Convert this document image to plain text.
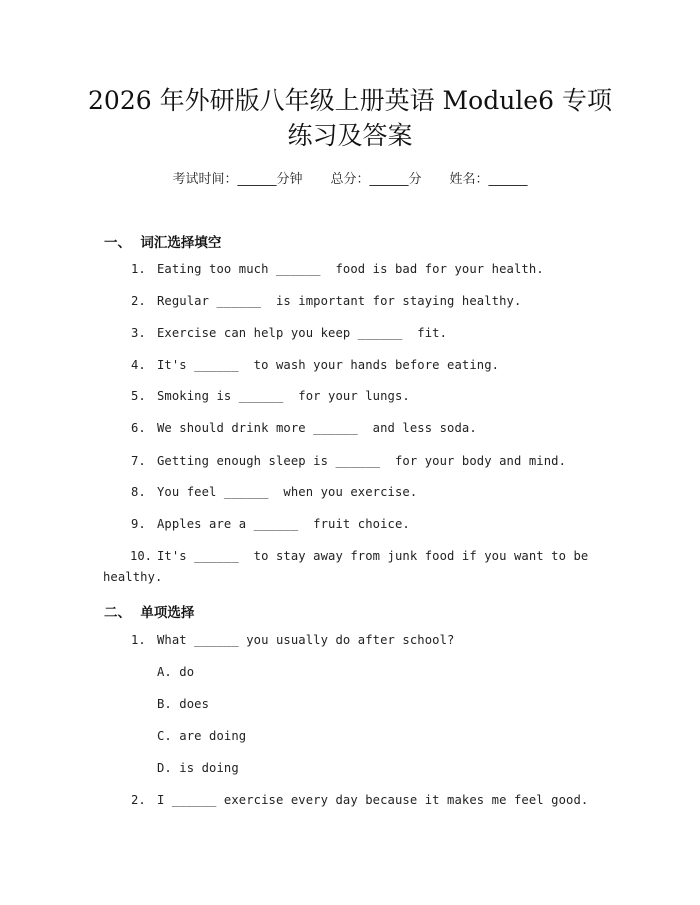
2026 年外研版八年级上册英语 Module6 专项
练习及答案
考试时间：______分钟 总分：______分 姓名：______
一、  词汇选择填空
1. Eating too much ______  food is bad for your health.
2. Regular ______  is important for staying healthy.
3. Exercise can help you keep ______  fit.
4. It's ______  to wash your hands before eating.
5. Smoking is ______  for your lungs.
6. We should drink more ______  and less soda.
7. Getting enough sleep is ______  for your body and mind.
8. You feel ______  when you exercise.
9. Apples are a ______  fruit choice.
10. It's ______  to stay away from junk food if you want to be
healthy.
二、  单项选择
1. What ______ you usually do after school?
A. do
B. does
C. are doing
D. is doing
2. I ______ exercise every day because it makes me feel good.
